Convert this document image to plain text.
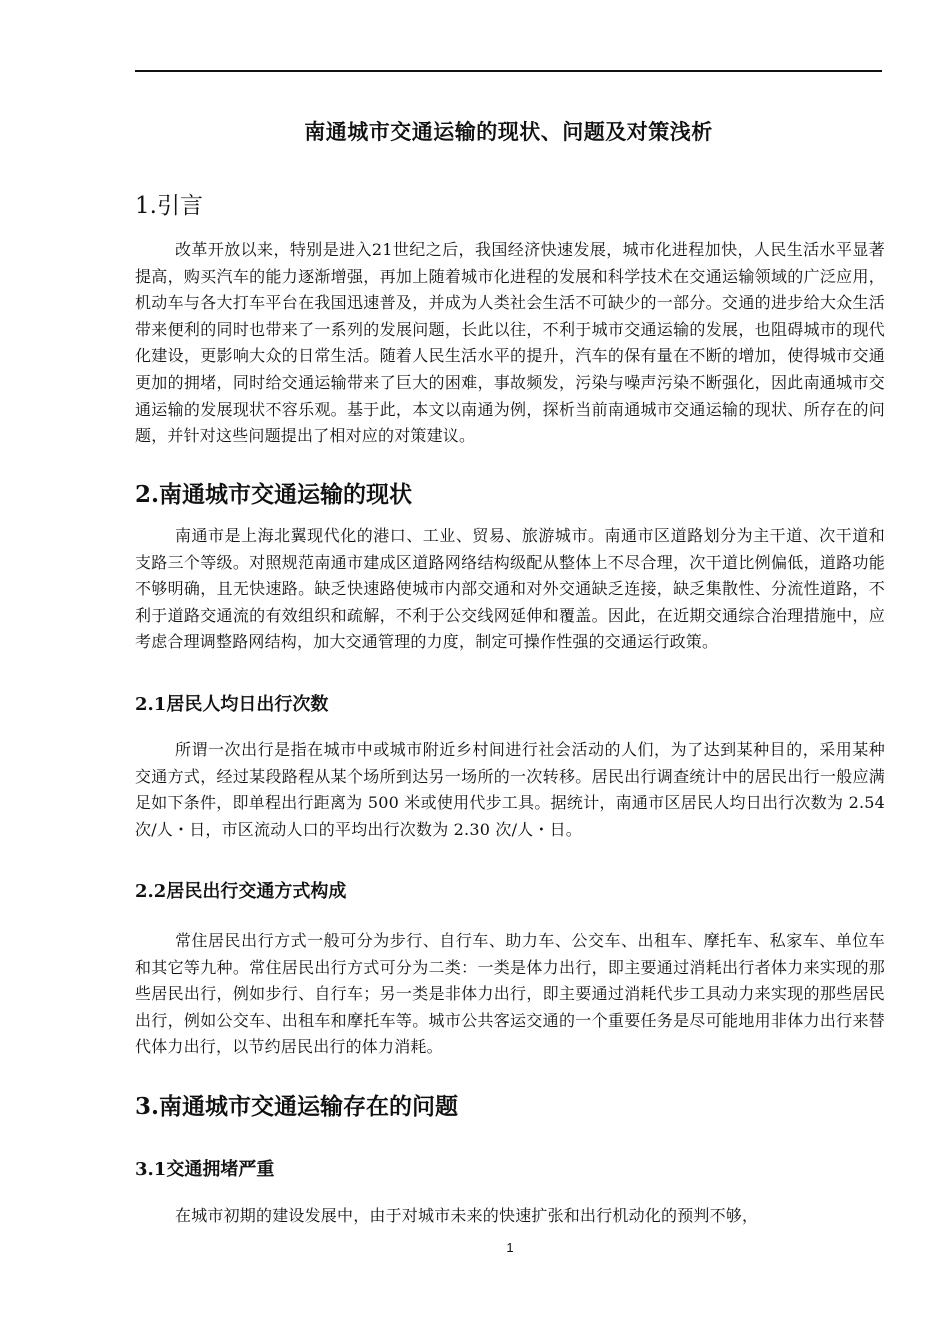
南通城市交通运输的现状、问题及对策浅析
1.引言
改革开放以来，特别是进入21世纪之后，我国经济快速发展，城市化进程加快，人民生活水平显著提高，购买汽车的能力逐渐增强，再加上随着城市化进程的发展和科学技术在交通运输领域的广泛应用，机动车与各大打车平台在我国迅速普及，并成为人类社会生活不可缺少的一部分。交通的进步给大众生活带来便利的同时也带来了一系列的发展问题，长此以往，不利于城市交通运输的发展，也阻碍城市的现代化建设，更影响大众的日常生活。随着人民生活水平的提升，汽车的保有量在不断的增加，使得城市交通更加的拥堵，同时给交通运输带来了巨大的困难，事故频发，污染与噪声污染不断强化，因此南通城市交通运输的发展现状不容乐观。基于此，本文以南通为例，探析当前南通城市交通运输的现状、所存在的问题，并针对这些问题提出了相对应的对策建议。
2.南通城市交通运输的现状
南通市是上海北翼现代化的港口、工业、贸易、旅游城市。南通市区道路划分为主干道、次干道和支路三个等级。对照规范南通市建成区道路网络结构级配从整体上不尽合理，次干道比例偏低，道路功能不够明确，且无快速路。缺乏快速路使城市内部交通和对外交通缺乏连接，缺乏集散性、分流性道路，不利于道路交通流的有效组织和疏解，不利于公交线网延伸和覆盖。因此，在近期交通综合治理措施中，应考虑合理调整路网结构，加大交通管理的力度，制定可操作性强的交通运行政策。
2.1居民人均日出行次数
所谓一次出行是指在城市中或城市附近乡村间进行社会活动的人们，为了达到某种目的，采用某种交通方式，经过某段路程从某个场所到达另一场所的一次转移。居民出行调查统计中的居民出行一般应满足如下条件，即单程出行距离为 500 米或使用代步工具。据统计，南通市区居民人均日出行次数为 2.54 次/人・日，市区流动人口的平均出行次数为 2.30 次/人・日。
2.2居民出行交通方式构成
常住居民出行方式一般可分为步行、自行车、助力车、公交车、出租车、摩托车、私家车、单位车和其它等九种。常住居民出行方式可分为二类：一类是体力出行，即主要通过消耗出行者体力来实现的那些居民出行，例如步行、自行车；另一类是非体力出行，即主要通过消耗代步工具动力来实现的那些居民出行，例如公交车、出租车和摩托车等。城市公共客运交通的一个重要任务是尽可能地用非体力出行来替代体力出行，以节约居民出行的体力消耗。
3.南通城市交通运输存在的问题
3.1交通拥堵严重
在城市初期的建设发展中，由于对城市未来的快速扩张和出行机动化的预判不够，
1
